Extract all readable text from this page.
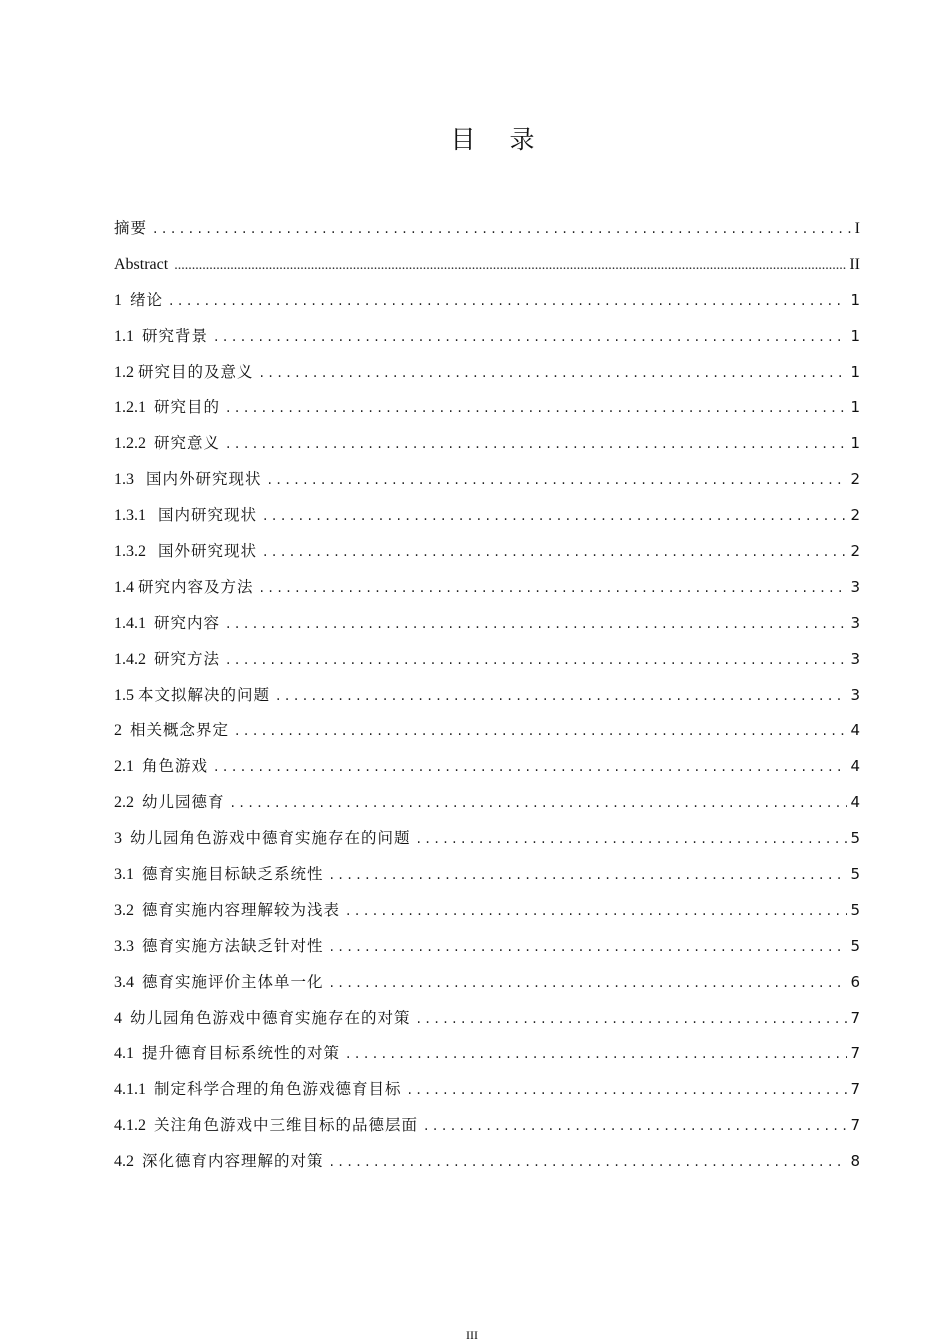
目 录
摘要 . . .	I
Abstract .....	II
1 绪论 . . .	1
1.1 研究背景 . . .	1
1.2 研究目的及意义 . . .	1
1.2.1 研究目的 . . .	1
1.2.2 研究意义 . . .	1
1.3 国内外研究现状 . . .	2
1.3.1 国内研究现状 . . .	2
1.3.2 国外研究现状 . . .	2
1.4 研究内容及方法 . . .	3
1.4.1 研究内容 . . .	3
1.4.2 研究方法 . . .	3
1.5 本文拟解决的问题 . . .	3
2 相关概念界定 . . .	4
2.1 角色游戏 . . .	4
2.2 幼儿园德育 . . .	4
3 幼儿园角色游戏中德育实施存在的问题 . . .	5
3.1 德育实施目标缺乏系统性 . . .	5
3.2 德育实施内容理解较为浅表 . . .	5
3.3 德育实施方法缺乏针对性 . . .	5
3.4 德育实施评价主体单一化 . . .	6
4 幼儿园角色游戏中德育实施存在的对策 . . .	7
4.1 提升德育目标系统性的对策 . . .	7
4.1.1 制定科学合理的角色游戏德育目标 . . .	7
4.1.2 关注角色游戏中三维目标的品德层面 . . .	7
4.2 深化德育内容理解的对策 . . .	8
III
